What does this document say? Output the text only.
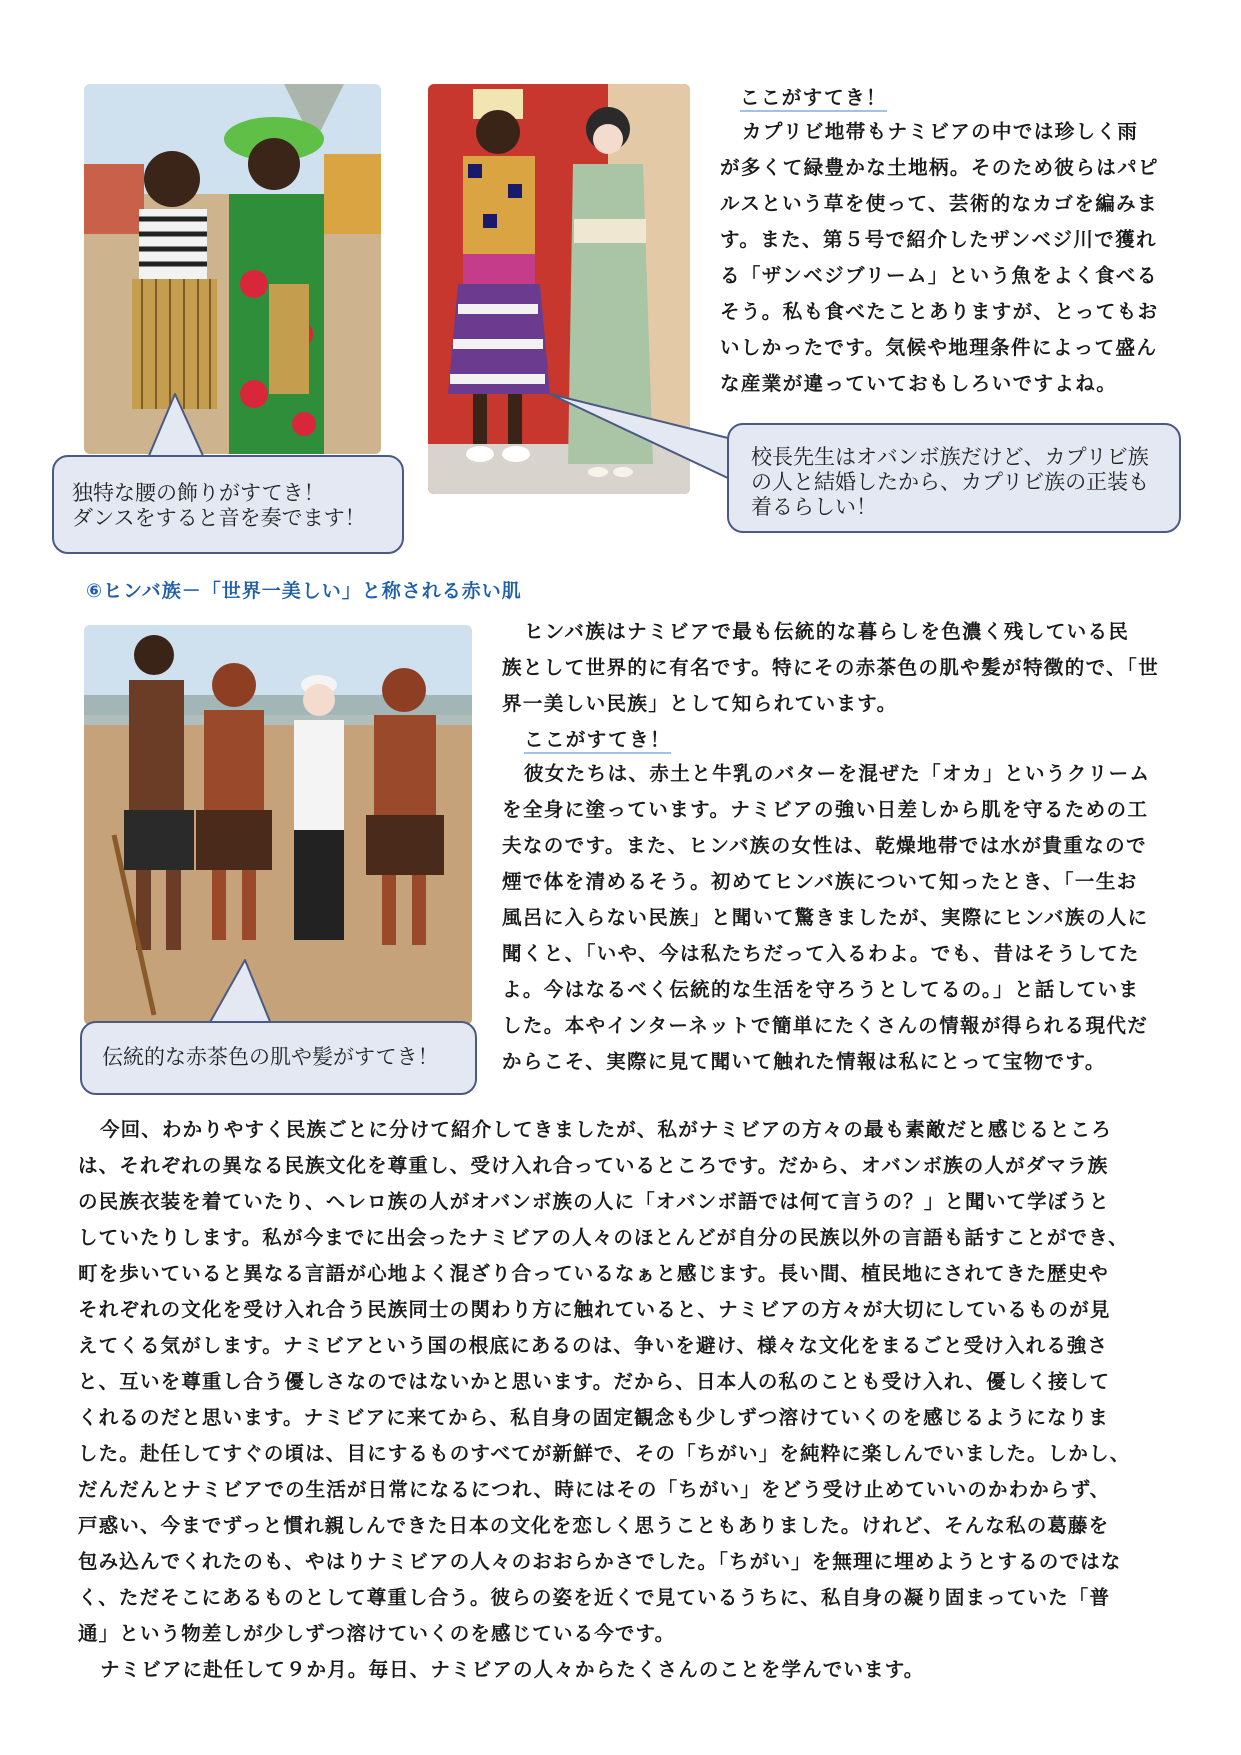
独特な腰の飾りがすてき！
ダンスをすると音を奏でます！
校長先生はオバンボ族だけど、カプリビ族
の人と結婚したから、カプリビ族の正装も
着るらしい！
伝統的な赤茶色の肌や髪がすてき！
ここがすてき！
カプリビ地帯もナミビアの中では珍しく雨
が多くて緑豊かな土地柄。そのため彼らはパピ
ルスという草を使って、芸術的なカゴを編みま
す。また、第５号で紹介したザンベジ川で獲れ
る「ザンベジブリーム」という魚をよく食べる
そう。私も食べたことありますが、とってもお
いしかったです。気候や地理条件によって盛ん
な産業が違っていておもしろいですよね。
⑥ヒンバ族－「世界一美しい」と称される赤い肌
ヒンバ族はナミビアで最も伝統的な暮らしを色濃く残している民
族として世界的に有名です。特にその赤茶色の肌や髪が特徴的で、「世
界一美しい民族」として知られています。
ここがすてき！
彼女たちは、赤土と牛乳のバターを混ぜた「オカ」というクリーム
を全身に塗っています。ナミビアの強い日差しから肌を守るための工
夫なのです。また、ヒンバ族の女性は、乾燥地帯では水が貴重なので
煙で体を清めるそう。初めてヒンバ族について知ったとき、「一生お
風呂に入らない民族」と聞いて驚きましたが、実際にヒンバ族の人に
聞くと、「いや、今は私たちだって入るわよ。でも、昔はそうしてた
よ。今はなるべく伝統的な生活を守ろうとしてるの。」と話していま
した。本やインターネットで簡単にたくさんの情報が得られる現代だ
からこそ、実際に見て聞いて触れた情報は私にとって宝物です。
今回、わかりやすく民族ごとに分けて紹介してきましたが、私がナミビアの方々の最も素敵だと感じるところ
は、それぞれの異なる民族文化を尊重し、受け入れ合っているところです。だから、オバンボ族の人がダマラ族
の民族衣装を着ていたり、ヘレロ族の人がオバンボ族の人に「オバンボ語では何て言うの？」と聞いて学ぼうと
していたりします。私が今までに出会ったナミビアの人々のほとんどが自分の民族以外の言語も話すことができ、
町を歩いていると異なる言語が心地よく混ざり合っているなぁと感じます。長い間、植民地にされてきた歴史や
それぞれの文化を受け入れ合う民族同士の関わり方に触れていると、ナミビアの方々が大切にしているものが見
えてくる気がします。ナミビアという国の根底にあるのは、争いを避け、様々な文化をまるごと受け入れる強さ
と、互いを尊重し合う優しさなのではないかと思います。だから、日本人の私のことも受け入れ、優しく接して
くれるのだと思います。ナミビアに来てから、私自身の固定観念も少しずつ溶けていくのを感じるようになりま
した。赴任してすぐの頃は、目にするものすべてが新鮮で、その「ちがい」を純粋に楽しんでいました。しかし、
だんだんとナミビアでの生活が日常になるにつれ、時にはその「ちがい」をどう受け止めていいのかわからず、
戸惑い、今までずっと慣れ親しんできた日本の文化を恋しく思うこともありました。けれど、そんな私の葛藤を
包み込んでくれたのも、やはりナミビアの人々のおおらかさでした。「ちがい」を無理に埋めようとするのではな
く、ただそこにあるものとして尊重し合う。彼らの姿を近くで見ているうちに、私自身の凝り固まっていた「普
通」という物差しが少しずつ溶けていくのを感じている今です。
ナミビアに赴任して９か月。毎日、ナミビアの人々からたくさんのことを学んでいます。
